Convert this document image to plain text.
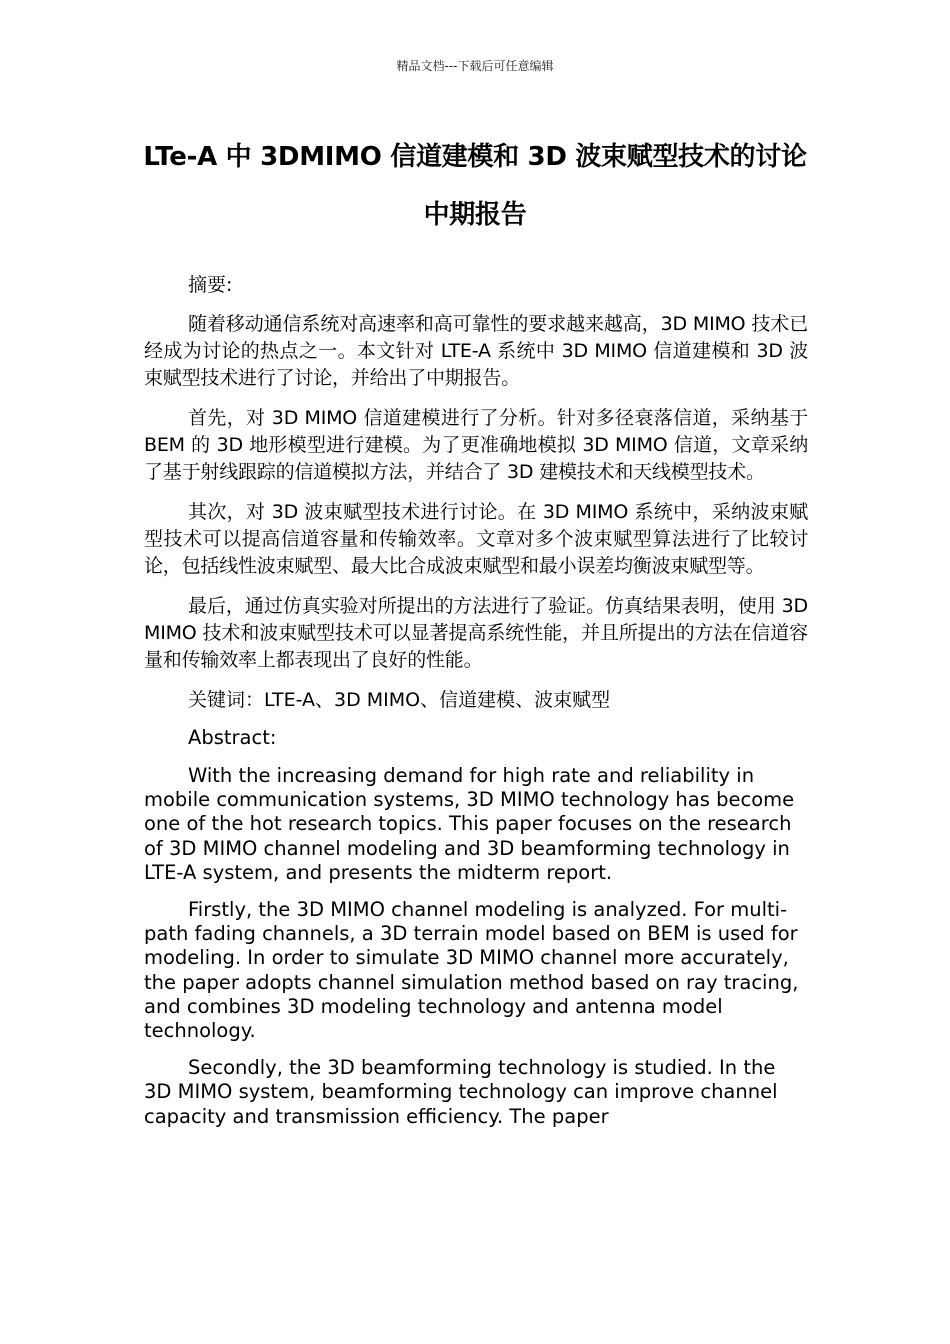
精品文档---下载后可任意编辑
LTe-A 中 3DMIMO 信道建模和 3D 波束赋型技术的讨论中期报告

摘要:

随着移动通信系统对高速率和高可靠性的要求越来越高，3D MIMO 技术已经成为讨论的热点之一。本文针对 LTE-A 系统中 3D MIMO 信道建模和 3D 波束赋型技术进行了讨论，并给出了中期报告。

首先，对 3D MIMO 信道建模进行了分析。针对多径衰落信道，采纳基于 BEM 的 3D 地形模型进行建模。为了更准确地模拟 3D MIMO 信道，文章采纳了基于射线跟踪的信道模拟方法，并结合了 3D 建模技术和天线模型技术。

其次，对 3D 波束赋型技术进行讨论。在 3D MIMO 系统中，采纳波束赋型技术可以提高信道容量和传输效率。文章对多个波束赋型算法进行了比较讨论，包括线性波束赋型、最大比合成波束赋型和最小误差均衡波束赋型等。

最后，通过仿真实验对所提出的方法进行了验证。仿真结果表明，使用 3D MIMO 技术和波束赋型技术可以显著提高系统性能，并且所提出的方法在信道容量和传输效率上都表现出了良好的性能。

关键词：LTE-A、3D MIMO、信道建模、波束赋型

Abstract:

With the increasing demand for high rate and reliability in mobile communication systems, 3D MIMO technology has become one of the hot research topics. This paper focuses on the research of 3D MIMO channel modeling and 3D beamforming technology in LTE-A system, and presents the midterm report.

Firstly, the 3D MIMO channel modeling is analyzed. For multi-path fading channels, a 3D terrain model based on BEM is used for modeling. In order to simulate 3D MIMO channel more accurately, the paper adopts channel simulation method based on ray tracing, and combines 3D modeling technology and antenna model technology.

Secondly, the 3D beamforming technology is studied. In the 3D MIMO system, beamforming technology can improve channel capacity and transmission efficiency. The paper
